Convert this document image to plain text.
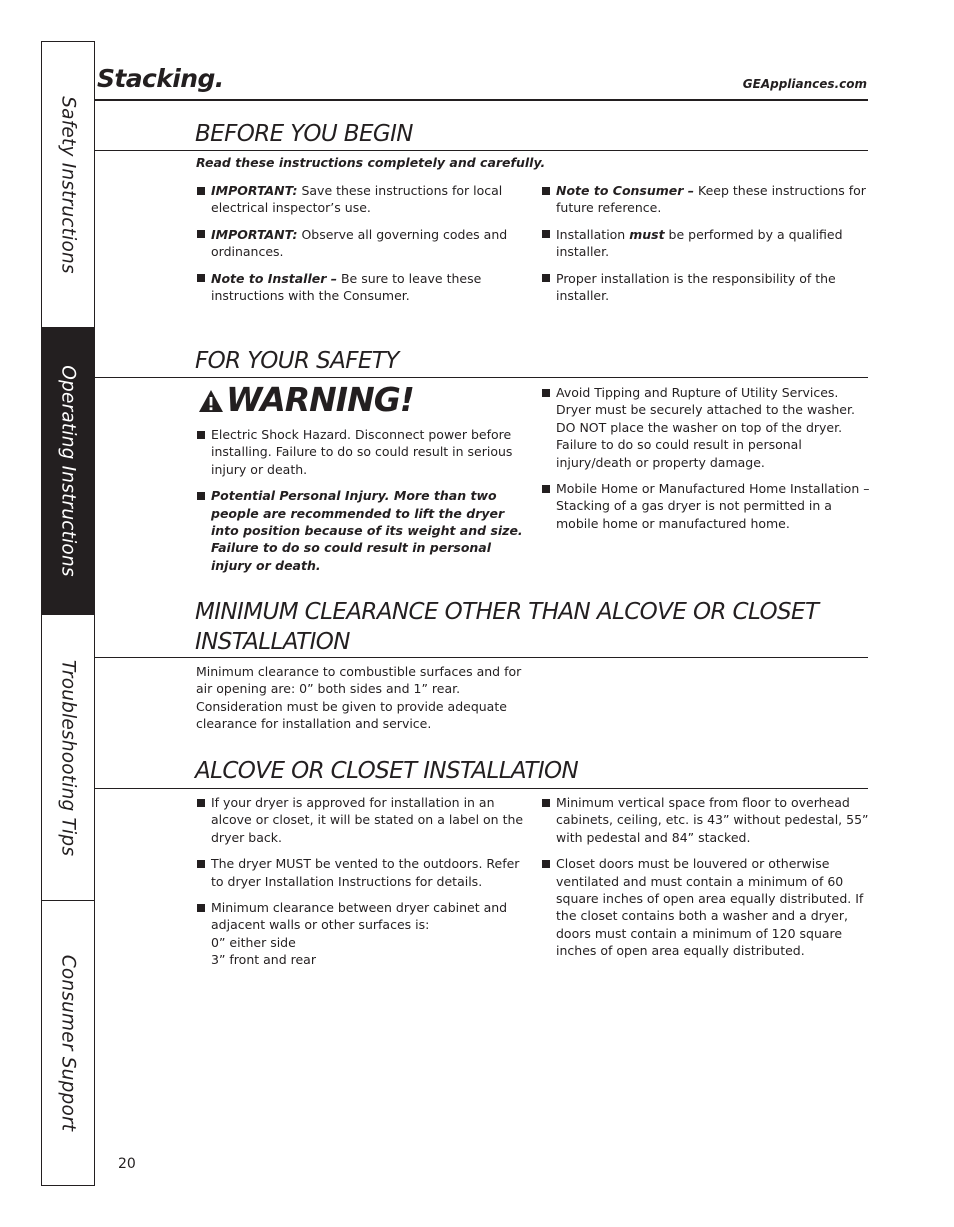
Safety Instructions
Operating Instructions
Troubleshooting Tips
Consumer Support
Stacking.	GEAppliances.com
BEFORE YOU BEGIN
Read these instructions completely and carefully.

IMPORTANT: Save these instructions for local electrical inspector’s use.

IMPORTANT: Observe all governing codes and ordinances.

Note to Installer – Be sure to leave these instructions with the Consumer.

Note to Consumer – Keep these instructions for future reference.

Installation must be performed by a qualified installer.

Proper installation is the responsibility of the installer.

FOR YOUR SAFETY
WARNING!

Electric Shock Hazard. Disconnect power before installing. Failure to do so could result in serious injury or death.

Potential Personal Injury. More than two people are recommended to lift the dryer into position because of its weight and size. Failure to do so could result in personal injury or death.

Avoid Tipping and Rupture of Utility Services. Dryer must be securely attached to the washer. DO NOT place the washer on top of the dryer. Failure to do so could result in personal injury/death or property damage.

Mobile Home or Manufactured Home Installation – Stacking of a gas dryer is not permitted in a mobile home or manufactured home.

MINIMUM CLEARANCE OTHER THAN ALCOVE OR CLOSET
INSTALLATION
Minimum clearance to combustible surfaces and for air opening are: 0” both sides and 1” rear. Consideration must be given to provide adequate clearance for installation and service.
ALCOVE OR CLOSET INSTALLATION

If your dryer is approved for installation in an alcove or closet, it will be stated on a label on the dryer back.

The dryer MUST be vented to the outdoors. Refer to dryer Installation Instructions for details.

Minimum clearance between dryer cabinet and adjacent walls or other surfaces is:
0” either side
3” front and rear

Minimum vertical space from floor to overhead cabinets, ceiling, etc. is 43” without pedestal, 55” with pedestal and 84” stacked.

Closet doors must be louvered or otherwise ventilated and must contain a minimum of 60 square inches of open area equally distributed. If the closet contains both a washer and a dryer, doors must contain a minimum of 120 square inches of open area equally distributed.

20
